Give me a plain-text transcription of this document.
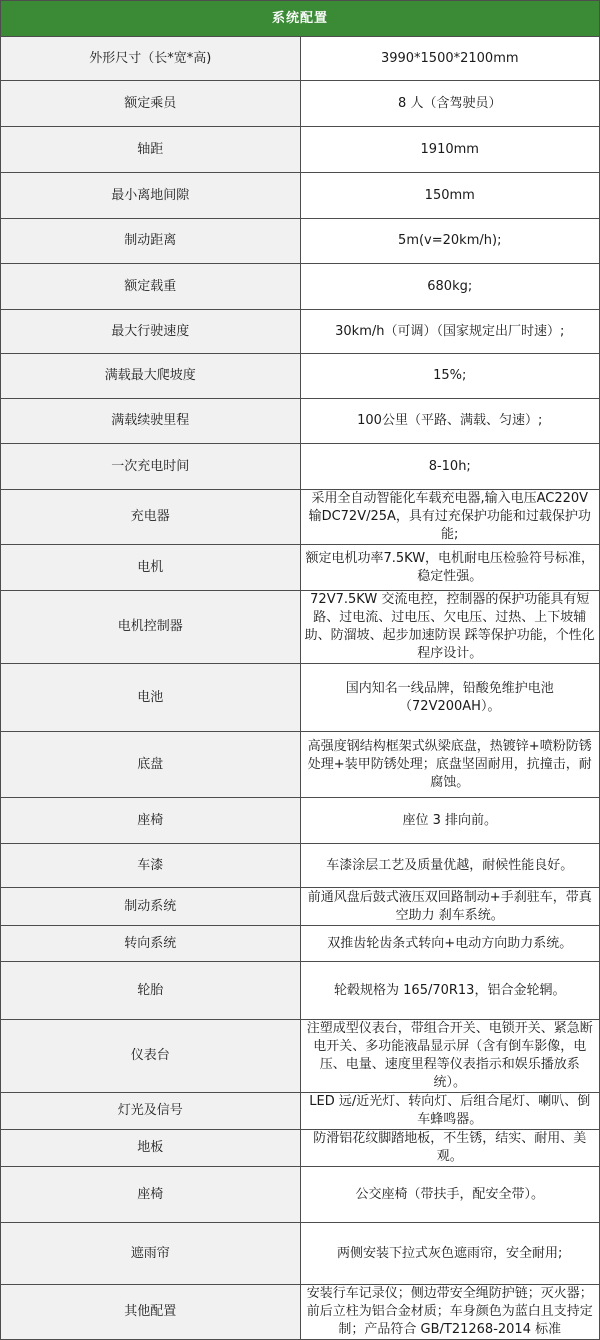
系统配置	
外形尺寸（长*宽*高)	3990*1500*2100mm
额定乘员	8 人（含驾驶员）
轴距	1910mm
最小离地间隙	150mm
制动距离	5m(v=20km/h);
额定载重	680kg;
最大行驶速度	30km/h（可调）（国家规定出厂时速）;
满载最大爬坡度	15%;
满载续驶里程	100公里（平路、满载、匀速）;
一次充电时间	8-10h;
充电器	采用全自动智能化车载充电器,输入电压AC220V 输DC72V/25A，具有过充保护功能和过载保护功能;
电机	额定电机功率7.5KW，电机耐电压检验符号标准，稳定性强。
电机控制器	72V7.5KW 交流电控，控制器的保护功能具有短路、过电流、过电压、欠电压、过热、上下坡辅助、防溜坡、起步加速防误 踩等保护功能，个性化程序设计。
电池	国内知名一线品牌，铅酸免维护电池（72V200AH）。
底盘	高强度钢结构框架式纵梁底盘，热镀锌+喷粉防锈处理+装甲防锈处理；底盘坚固耐用，抗撞击，耐腐蚀。
座椅	座位 3 排向前。
车漆	车漆涂层工艺及质量优越，耐候性能良好。
制动系统	前通风盘后鼓式液压双回路制动+手刹驻车，带真空助力 刹车系统。
转向系统	双推齿轮齿条式转向+电动方向助力系统。
轮胎	轮毂规格为 165/70R13，铝合金轮辋。
仪表台	注塑成型仪表台，带组合开关、电锁开关、紧急断电开关、多功能液晶显示屏（含有倒车影像，电压、电量、速度里程等仪表指示和娱乐播放系统）。
灯光及信号	LED 远/近光灯、转向灯、后组合尾灯、喇叭、倒车蜂鸣器。
地板	防滑铝花纹脚踏地板，不生锈，结实、耐用、美观。
座椅	公交座椅（带扶手，配安全带）。
遮雨帘	两侧安装下拉式灰色遮雨帘，安全耐用;
其他配置	安装行车记录仪；侧边带安全绳防护链；灭火器；前后立柱为铝合金材质；车身颜色为蓝白且支持定制；产品符合 GB/T21268-2014 标准
